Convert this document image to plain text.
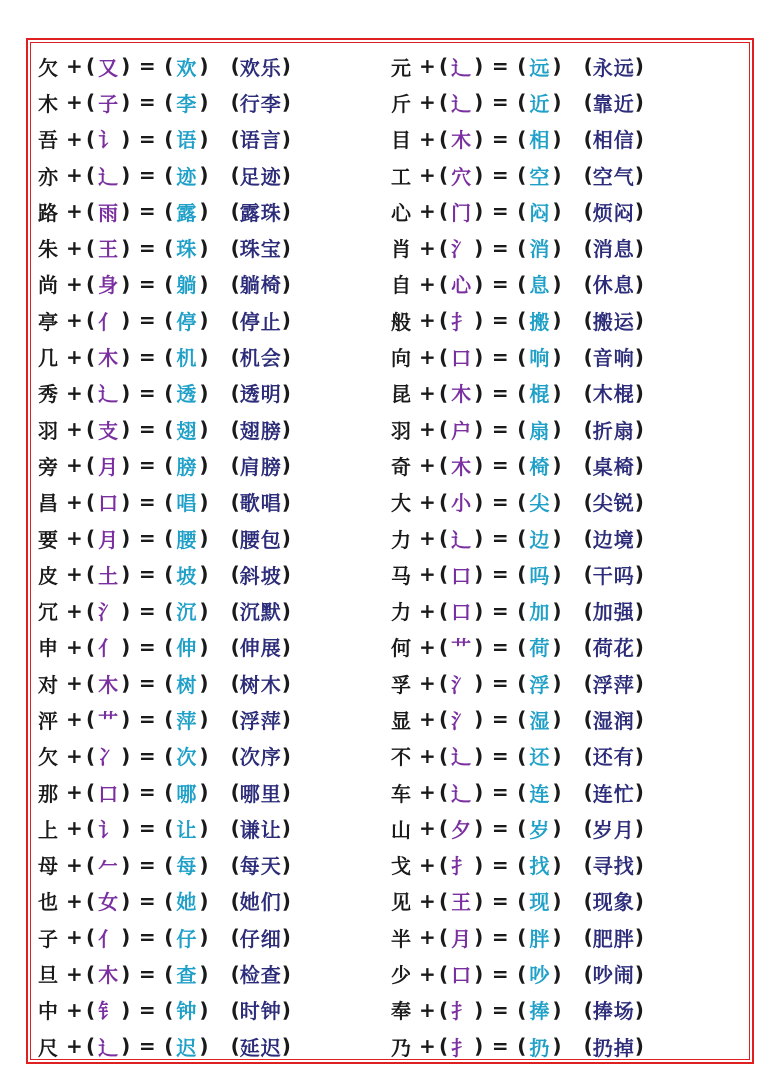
欠 + ( 又 ) = ( 欢 ) ( 欢乐 )
木 + ( 子 ) = ( 李 ) ( 行李 )
吾 + ( 讠 ) = ( 语 ) ( 语言 )
亦 + ( 辶 ) = ( 迹 ) ( 足迹 )
路 + ( 雨 ) = ( 露 ) ( 露珠 )
朱 + ( 王 ) = ( 珠 ) ( 珠宝 )
尚 + ( 身 ) = ( 躺 ) ( 躺椅 )
亭 + ( 亻 ) = ( 停 ) ( 停止 )
几 + ( 木 ) = ( 机 ) ( 机会 )
秀 + ( 辶 ) = ( 透 ) ( 透明 )
羽 + ( 支 ) = ( 翅 ) ( 翅膀 )
旁 + ( 月 ) = ( 膀 ) ( 肩膀 )
昌 + ( 口 ) = ( 唱 ) ( 歌唱 )
要 + ( 月 ) = ( 腰 ) ( 腰包 )
皮 + ( 土 ) = ( 坡 ) ( 斜坡 )
冗 + ( 氵 ) = ( 沉 ) ( 沉默 )
申 + ( 亻 ) = ( 伸 ) ( 伸展 )
对 + ( 木 ) = ( 树 ) ( 树木 )
泙 + ( 艹 ) = ( 萍 ) ( 浮萍 )
欠 + ( 冫 ) = ( 次 ) ( 次序 )
那 + ( 口 ) = ( 哪 ) ( 哪里 )
上 + ( 讠 ) = ( 让 ) ( 谦让 )
母 + ( 𠂉 ) = ( 每 ) ( 每天 )
也 + ( 女 ) = ( 她 ) ( 她们 )
子 + ( 亻 ) = ( 仔 ) ( 仔细 )
旦 + ( 木 ) = ( 查 ) ( 检查 )
中 + ( 钅 ) = ( 钟 ) ( 时钟 )
尺 + ( 辶 ) = ( 迟 ) ( 延迟 )
元 + ( 辶 ) = ( 远 ) ( 永远 )
斤 + ( 辶 ) = ( 近 ) ( 靠近 )
目 + ( 木 ) = ( 相 ) ( 相信 )
工 + ( 穴 ) = ( 空 ) ( 空气 )
心 + ( 门 ) = ( 闷 ) ( 烦闷 )
肖 + ( 氵 ) = ( 消 ) ( 消息 )
自 + ( 心 ) = ( 息 ) ( 休息 )
般 + ( 扌 ) = ( 搬 ) ( 搬运 )
向 + ( 口 ) = ( 响 ) ( 音响 )
昆 + ( 木 ) = ( 棍 ) ( 木棍 )
羽 + ( 户 ) = ( 扇 ) ( 折扇 )
奇 + ( 木 ) = ( 椅 ) ( 桌椅 )
大 + ( 小 ) = ( 尖 ) ( 尖锐 )
力 + ( 辶 ) = ( 边 ) ( 边境 )
马 + ( 口 ) = ( 吗 ) ( 干吗 )
力 + ( 口 ) = ( 加 ) ( 加强 )
何 + ( 艹 ) = ( 荷 ) ( 荷花 )
孚 + ( 氵 ) = ( 浮 ) ( 浮萍 )
显 + ( 氵 ) = ( 湿 ) ( 湿润 )
不 + ( 辶 ) = ( 还 ) ( 还有 )
车 + ( 辶 ) = ( 连 ) ( 连忙 )
山 + ( 夕 ) = ( 岁 ) ( 岁月 )
戈 + ( 扌 ) = ( 找 ) ( 寻找 )
见 + ( 王 ) = ( 现 ) ( 现象 )
半 + ( 月 ) = ( 胖 ) ( 肥胖 )
少 + ( 口 ) = ( 吵 ) ( 吵闹 )
奉 + ( 扌 ) = ( 捧 ) ( 捧场 )
乃 + ( 扌 ) = ( 扔 ) ( 扔掉 )
